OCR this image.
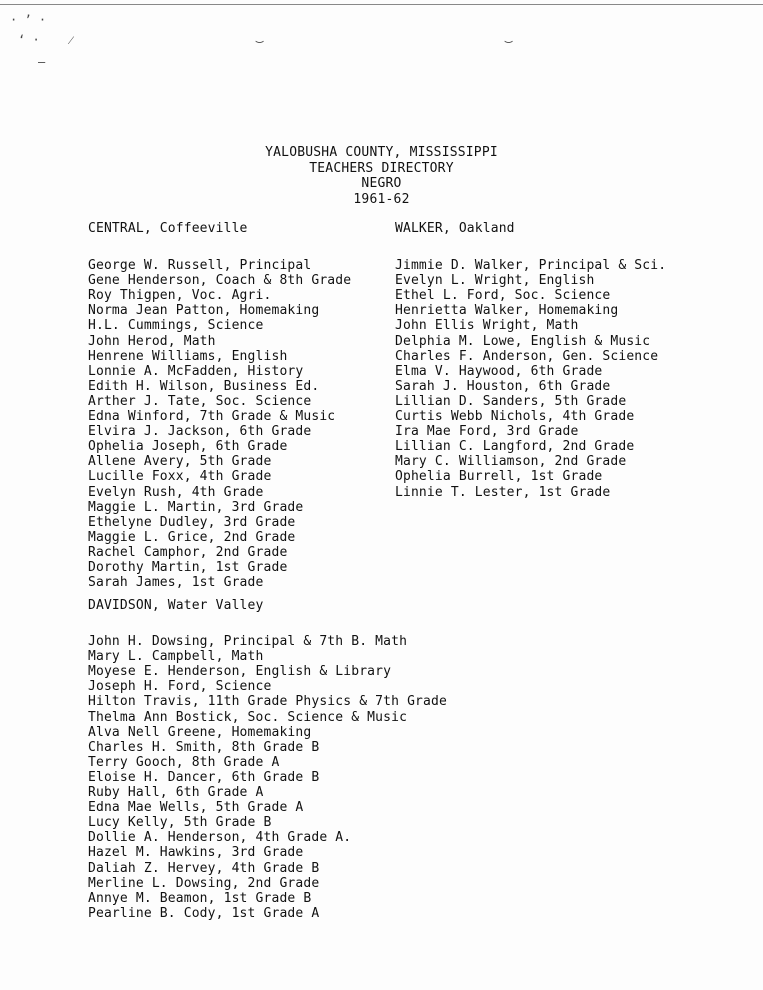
· ’ ·
‘ ·	⁄
–
‿	‿
YALOBUSHA COUNTY, MISSISSIPPI
TEACHERS DIRECTORY
NEGRO
1961-62
CENTRAL, Coffeeville
George W. Russell, Principal
Gene Henderson, Coach & 8th Grade
Roy Thigpen, Voc. Agri.
Norma Jean Patton, Homemaking
H.L. Cummings, Science
John Herod, Math
Henrene Williams, English
Lonnie A. McFadden, History
Edith H. Wilson, Business Ed.
Arther J. Tate, Soc. Science
Edna Winford, 7th Grade & Music
Elvira J. Jackson, 6th Grade
Ophelia Joseph, 6th Grade
Allene Avery, 5th Grade
Lucille Foxx, 4th Grade
Evelyn Rush, 4th Grade
Maggie L. Martin, 3rd Grade
Ethelyne Dudley, 3rd Grade
Maggie L. Grice, 2nd Grade
Rachel Camphor, 2nd Grade
Dorothy Martin, 1st Grade
Sarah James, 1st Grade
WALKER, Oakland
Jimmie D. Walker, Principal & Sci.
Evelyn L. Wright, English
Ethel L. Ford, Soc. Science
Henrietta Walker, Homemaking
John Ellis Wright, Math
Delphia M. Lowe, English & Music
Charles F. Anderson, Gen. Science
Elma V. Haywood, 6th Grade
Sarah J. Houston, 6th Grade
Lillian D. Sanders, 5th Grade
Curtis Webb Nichols, 4th Grade
Ira Mae Ford, 3rd Grade
Lillian C. Langford, 2nd Grade
Mary C. Williamson, 2nd Grade
Ophelia Burrell, 1st Grade
Linnie T. Lester, 1st Grade
DAVIDSON, Water Valley
John H. Dowsing, Principal & 7th B. Math
Mary L. Campbell, Math
Moyese E. Henderson, English & Library
Joseph H. Ford, Science
Hilton Travis, 11th Grade Physics & 7th Grade
Thelma Ann Bostick, Soc. Science & Music
Alva Nell Greene, Homemaking
Charles H. Smith, 8th Grade B
Terry Gooch, 8th Grade A
Eloise H. Dancer, 6th Grade B
Ruby Hall, 6th Grade A
Edna Mae Wells, 5th Grade A
Lucy Kelly, 5th Grade B
Dollie A. Henderson, 4th Grade A.
Hazel M. Hawkins, 3rd Grade
Daliah Z. Hervey, 4th Grade B
Merline L. Dowsing, 2nd Grade
Annye M. Beamon, 1st Grade B
Pearline B. Cody, 1st Grade A
